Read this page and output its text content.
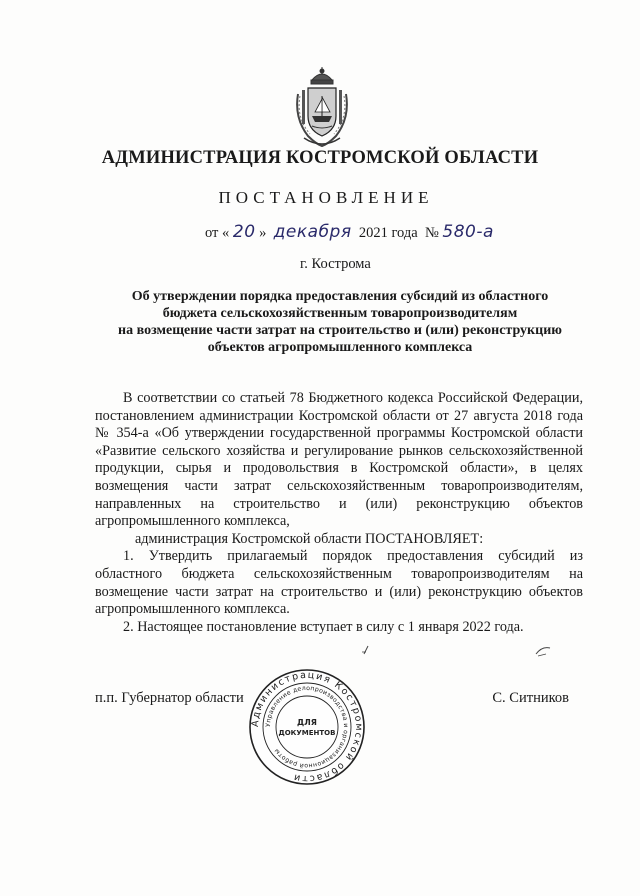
АДМИНИСТРАЦИЯ КОСТРОМСКОЙ ОБЛАСТИ
ПОСТАНОВЛЕНИЕ
от « 20 » декабря 2021 года № 580-а
г. Кострома
Об утверждении порядка предоставления субсидий из областного
бюджета сельскохозяйственным товаропроизводителям
на возмещение части затрат на строительство и (или) реконструкцию
объектов агропромышленного комплекса

В соответствии со статьей 78 Бюджетного кодекса Российской Федерации, постановлением администрации Костромской области от 27 августа 2018 года № 354-а «Об утверждении государственной программы Костромской области «Развитие сельского хозяйства и регулирование рынков сельскохозяйственной продукции, сырья и продовольствия в Костромской области», в целях возмещения части затрат сельскохозяйственным товаропроизводителям, направленных на строительство и (или) реконструкцию объектов агропромышленного комплекса,

администрация Костромской области ПОСТАНОВЛЯЕТ:

1. Утвердить прилагаемый порядок предоставления субсидий из областного бюджета сельскохозяйственным товаропроизводителям на возмещение части затрат на строительство и (или) реконструкцию объектов агропромышленного комплекса.

2. Настоящее постановление вступает в силу с 1 января 2022 года.

п.п. Губернатор области	С. Ситников
Администрация Костромской области
Управление делопроизводства и организационной работы
ДЛЯ
ДОКУМЕНТОВ
